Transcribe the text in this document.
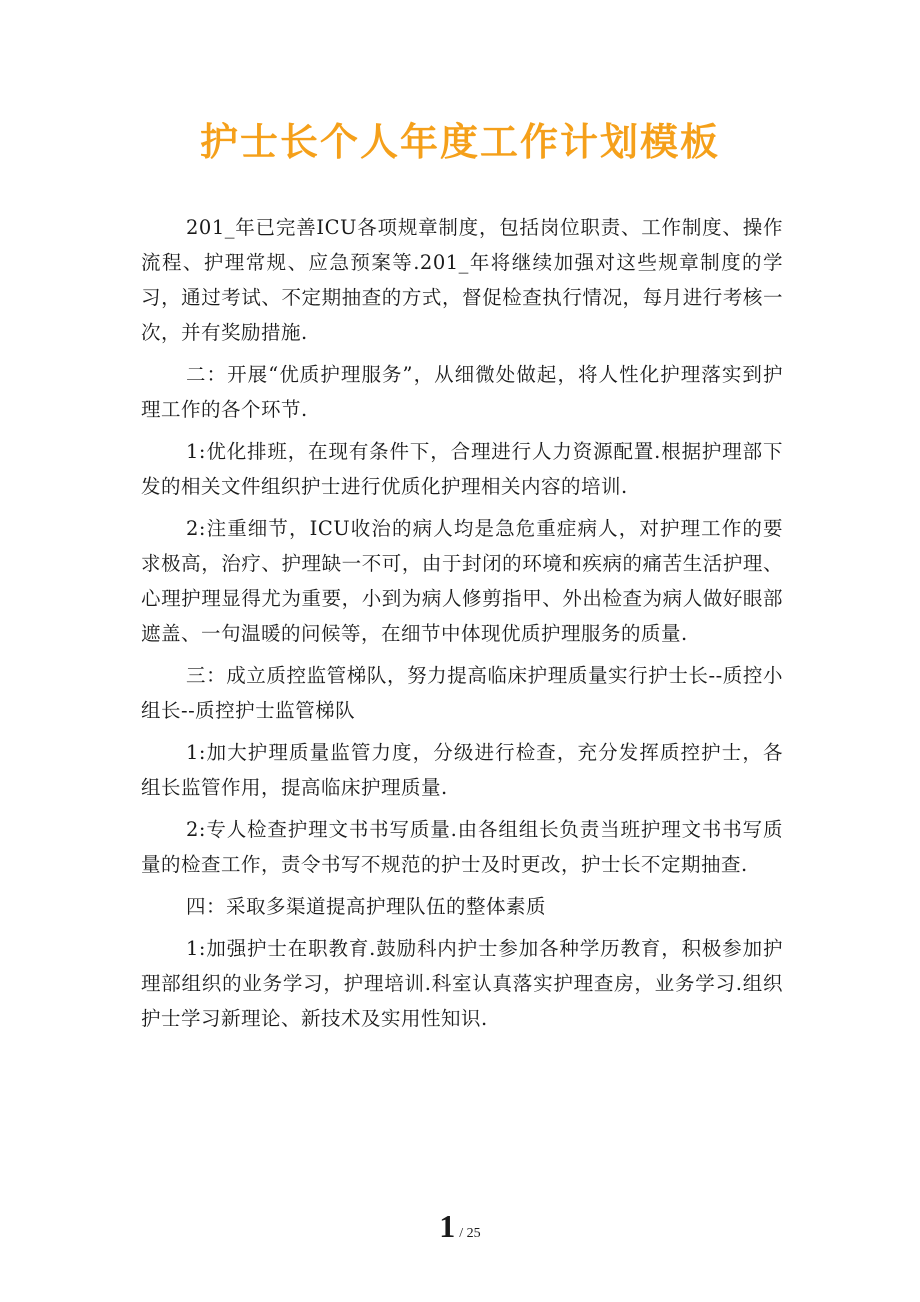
护士长个人年度工作计划模板

201_年已完善ICU各项规章制度，包括岗位职责、工作制度、操作流程、护理常规、应急预案等.201_年将继续加强对这些规章制度的学习，通过考试、不定期抽查的方式，督促检查执行情况，每月进行考核一次，并有奖励措施.

二：开展“优质护理服务”，从细微处做起，将人性化护理落实到护理工作的各个环节.

1:优化排班，在现有条件下，合理进行人力资源配置.根据护理部下发的相关文件组织护士进行优质化护理相关内容的培训.

2:注重细节，ICU收治的病人均是急危重症病人，对护理工作的要求极高，治疗、护理缺一不可，由于封闭的环境和疾病的痛苦生活护理、心理护理显得尤为重要，小到为病人修剪指甲、外出检查为病人做好眼部遮盖、一句温暖的问候等，在细节中体现优质护理服务的质量.

三：成立质控监管梯队，努力提高临床护理质量实行护士长--质控小组长--质控护士监管梯队

1:加大护理质量监管力度，分级进行检查，充分发挥质控护士，各组长监管作用，提高临床护理质量.

2:专人检查护理文书书写质量.由各组组长负责当班护理文书书写质量的检查工作，责令书写不规范的护士及时更改，护士长不定期抽查.

四：采取多渠道提高护理队伍的整体素质

1:加强护士在职教育.鼓励科内护士参加各种学历教育，积极参加护理部组织的业务学习，护理培训.科室认真落实护理查房，业务学习.组织护士学习新理论、新技术及实用性知识.

1 / 25
